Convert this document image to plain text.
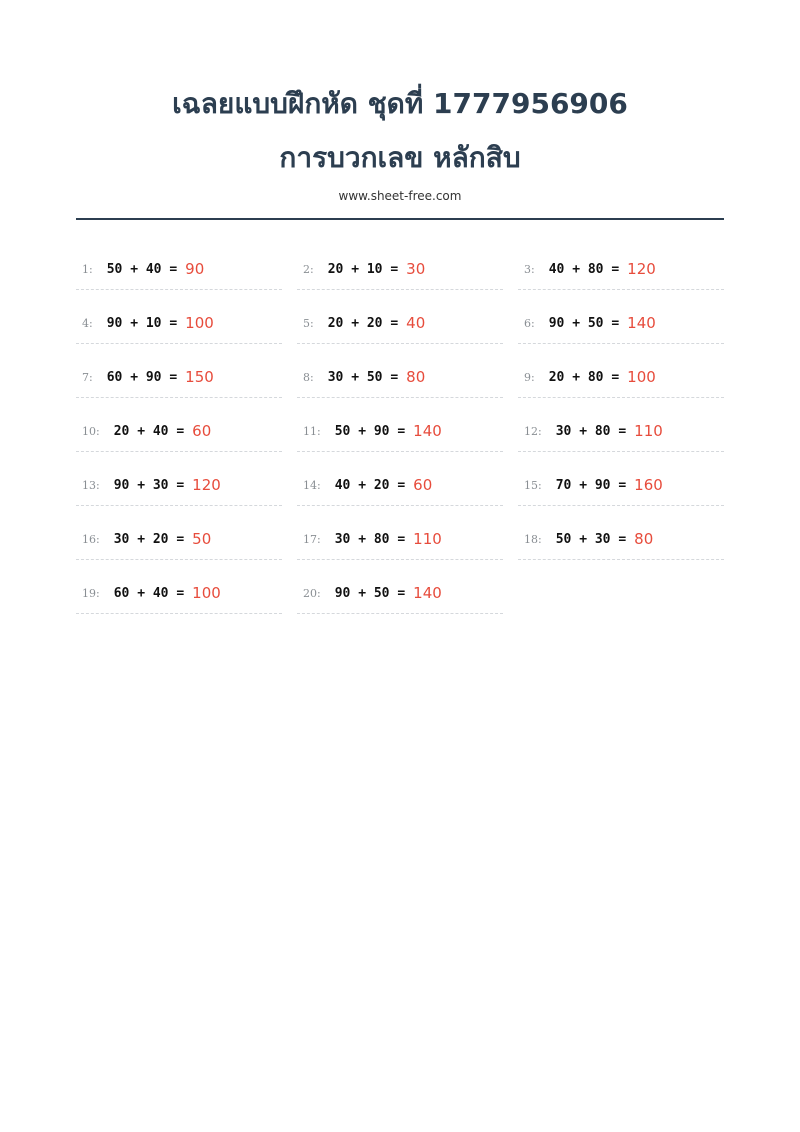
เฉลยแบบฝึกหัด ชุดที่ 1777956906
การบวกเลข หลักสิบ
www.sheet-free.com
1: 50 + 40 = 90	2: 20 + 10 = 30	3: 40 + 80 = 120
4: 90 + 10 = 100	5: 20 + 20 = 40	6: 90 + 50 = 140
7: 60 + 90 = 150	8: 30 + 50 = 80	9: 20 + 80 = 100
10: 20 + 40 = 60	11: 50 + 90 = 140	12: 30 + 80 = 110
13: 90 + 30 = 120	14: 40 + 20 = 60	15: 70 + 90 = 160
16: 30 + 20 = 50	17: 30 + 80 = 110	18: 50 + 30 = 80
19: 60 + 40 = 100	20: 90 + 50 = 140
